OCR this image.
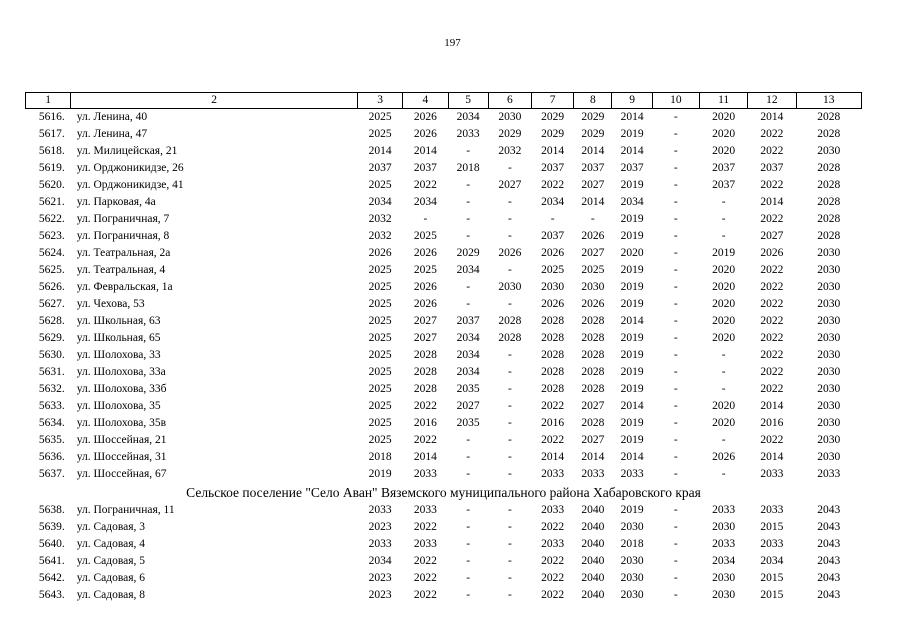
197
1	2	3	4	5	6	7	8	9	10	11	12	13
5616.	ул. Ленина, 40	2025	2026	2034	2030	2029	2029	2014	-	2020	2014	2028
5617.	ул. Ленина, 47	2025	2026	2033	2029	2029	2029	2019	-	2020	2022	2028
5618.	ул. Милицейская, 21	2014	2014	-	2032	2014	2014	2014	-	2020	2022	2030
5619.	ул. Орджоникидзе, 26	2037	2037	2018	-	2037	2037	2037	-	2037	2037	2028
5620.	ул. Орджоникидзе, 41	2025	2022	-	2027	2022	2027	2019	-	2037	2022	2028
5621.	ул. Парковая, 4а	2034	2034	-	-	2034	2014	2034	-	-	2014	2028
5622.	ул. Пограничная, 7	2032	-	-	-	-	-	2019	-	-	2022	2028
5623.	ул. Пограничная, 8	2032	2025	-	-	2037	2026	2019	-	-	2027	2028
5624.	ул. Театральная, 2а	2026	2026	2029	2026	2026	2027	2020	-	2019	2026	2030
5625.	ул. Театральная, 4	2025	2025	2034	-	2025	2025	2019	-	2020	2022	2030
5626.	ул. Февральская, 1а	2025	2026	-	2030	2030	2030	2019	-	2020	2022	2030
5627.	ул. Чехова, 53	2025	2026	-	-	2026	2026	2019	-	2020	2022	2030
5628.	ул. Школьная, 63	2025	2027	2037	2028	2028	2028	2014	-	2020	2022	2030
5629.	ул. Школьная, 65	2025	2027	2034	2028	2028	2028	2019	-	2020	2022	2030
5630.	ул. Шолохова, 33	2025	2028	2034	-	2028	2028	2019	-	-	2022	2030
5631.	ул. Шолохова, 33а	2025	2028	2034	-	2028	2028	2019	-	-	2022	2030
5632.	ул. Шолохова, 33б	2025	2028	2035	-	2028	2028	2019	-	-	2022	2030
5633.	ул. Шолохова, 35	2025	2022	2027	-	2022	2027	2014	-	2020	2014	2030
5634.	ул. Шолохова, 35в	2025	2016	2035	-	2016	2028	2019	-	2020	2016	2030
5635.	ул. Шоссейная, 21	2025	2022	-	-	2022	2027	2019	-	-	2022	2030
5636.	ул. Шоссейная, 31	2018	2014	-	-	2014	2014	2014	-	2026	2014	2030
5637.	ул. Шоссейная, 67	2019	2033	-	-	2033	2033	2033	-	-	2033	2033
Сельское поселение "Село Аван" Вяземского муниципального района Хабаровского края												
5638.	ул. Пограничная, 11	2033	2033	-	-	2033	2040	2019	-	2033	2033	2043
5639.	ул. Садовая, 3	2023	2022	-	-	2022	2040	2030	-	2030	2015	2043
5640.	ул. Садовая, 4	2033	2033	-	-	2033	2040	2018	-	2033	2033	2043
5641.	ул. Садовая, 5	2034	2022	-	-	2022	2040	2030	-	2034	2034	2043
5642.	ул. Садовая, 6	2023	2022	-	-	2022	2040	2030	-	2030	2015	2043
5643.	ул. Садовая, 8	2023	2022	-	-	2022	2040	2030	-	2030	2015	2043
